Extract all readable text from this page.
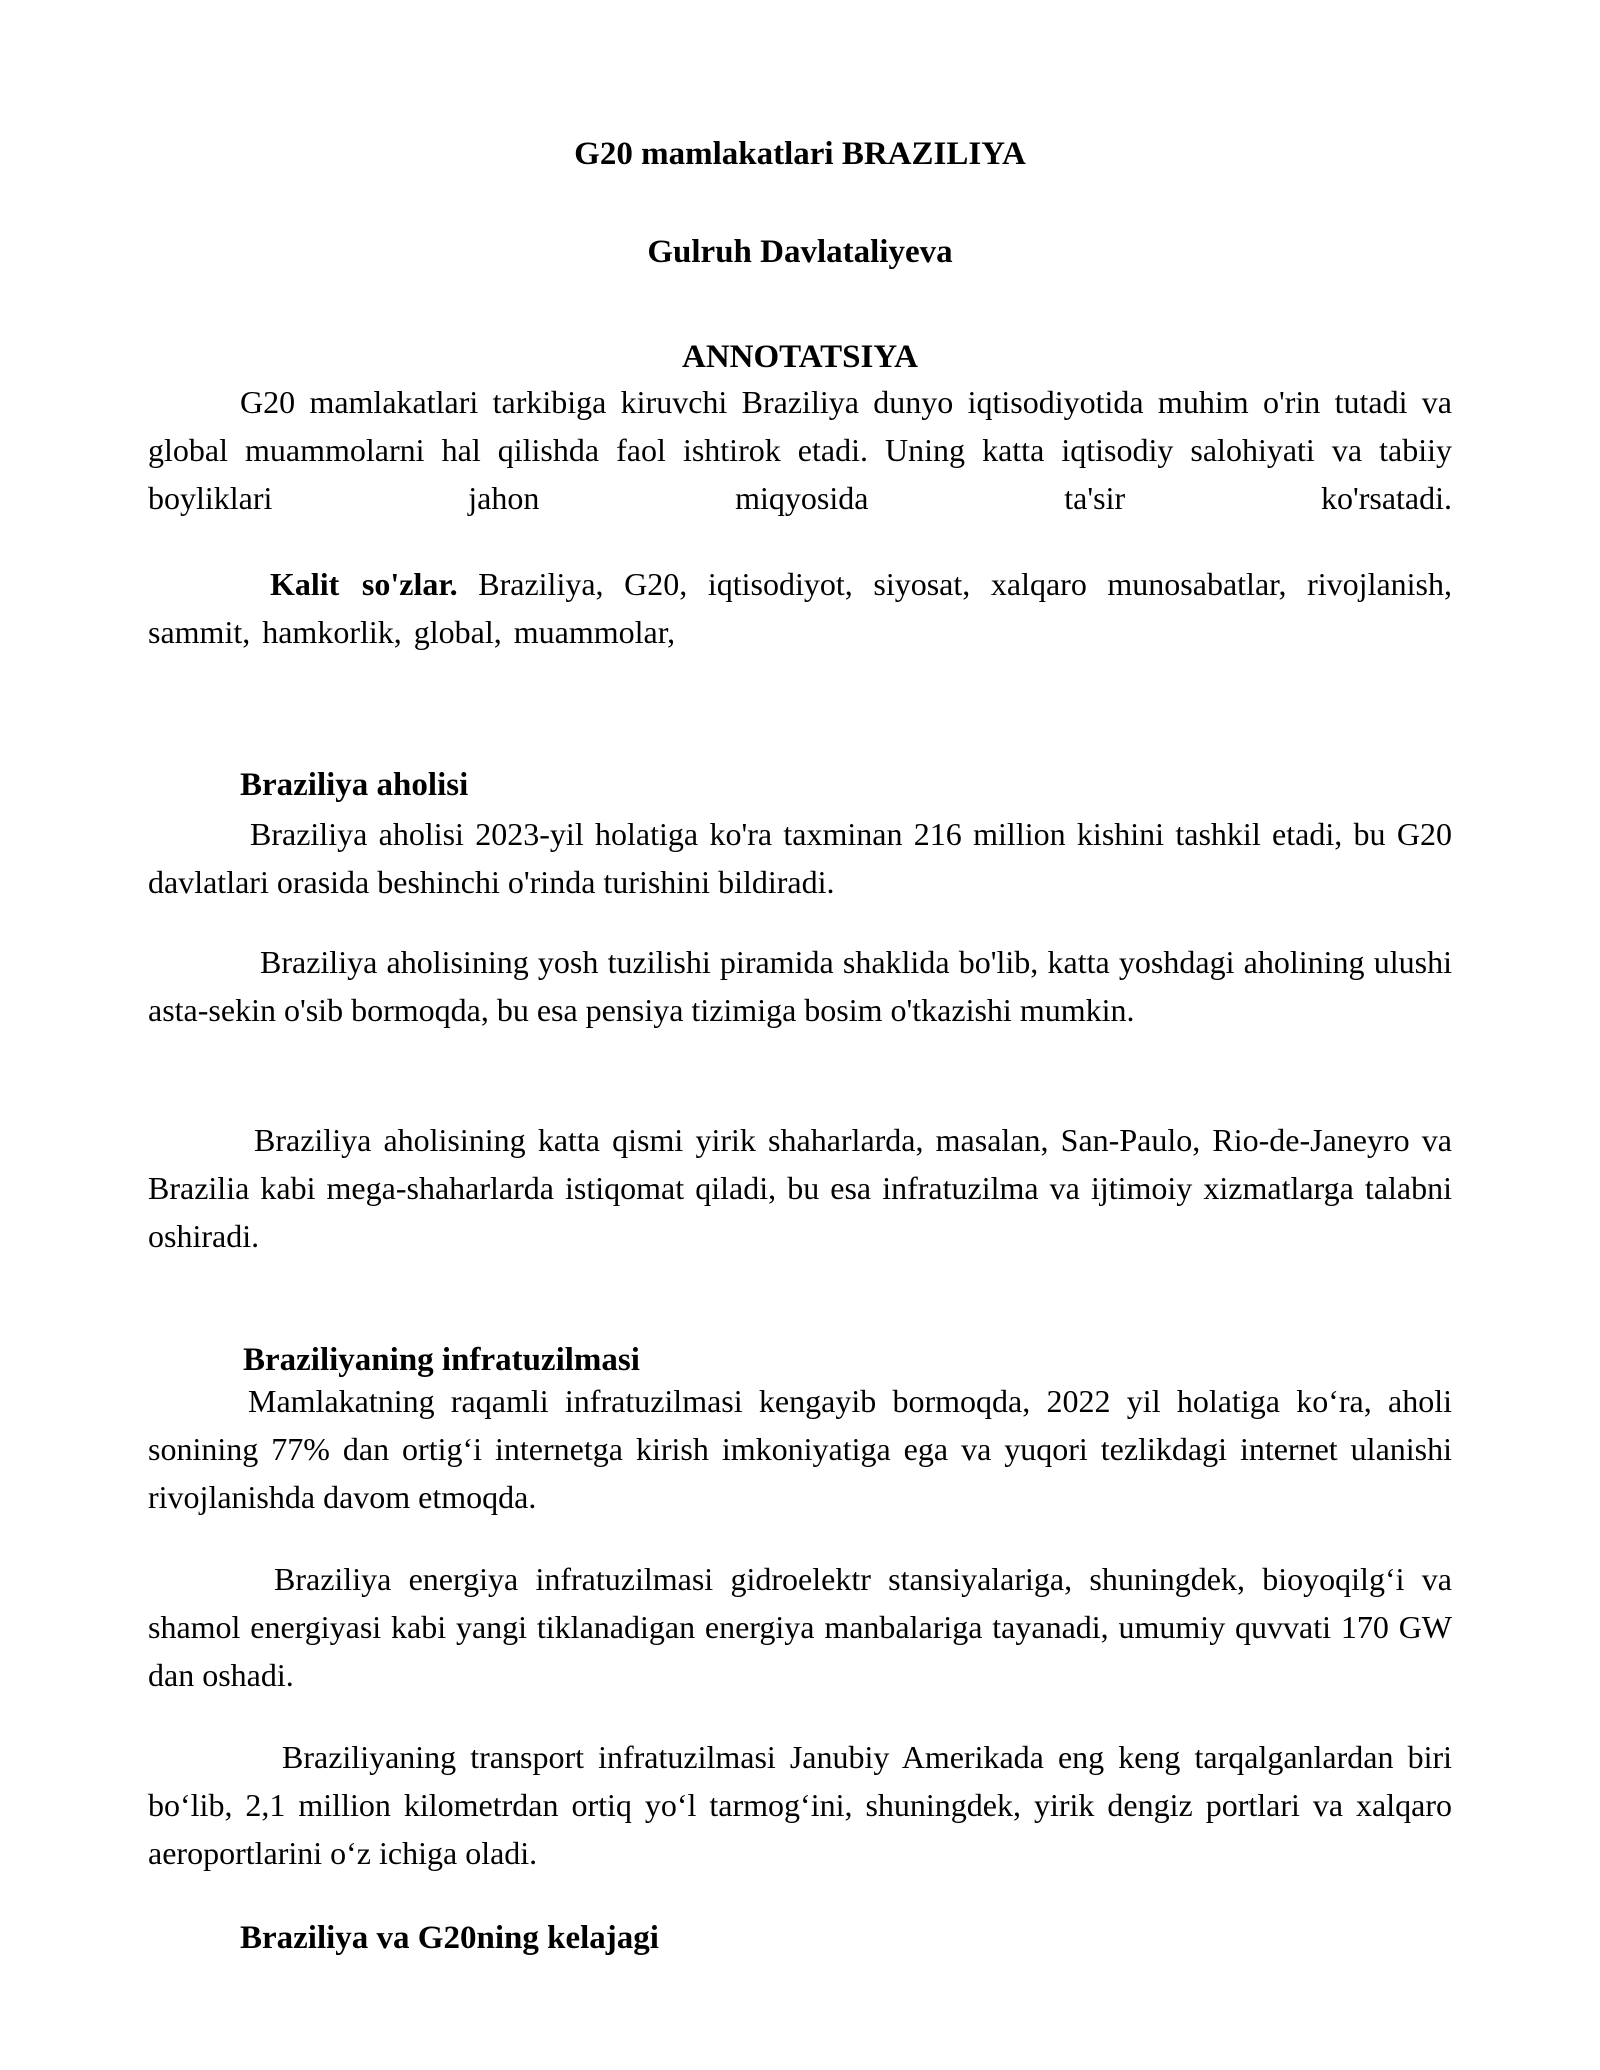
G20 mamlakatlari BRAZILIYA

Gulruh Davlataliyeva

ANNOTATSIYA

G20 mamlakatlari tarkibiga kiruvchi Braziliya dunyo iqtisodiyotida muhim o'rin tutadi va global muammolarni hal qilishda faol ishtirok etadi. Uning katta iqtisodiy salohiyati va tabiiy boyliklari jahon miqyosida ta'sir ko'rsatadi.

Kalit so'zlar. Braziliya, G20, iqtisodiyot, siyosat, xalqaro munosabatlar, rivojlanish, sammit, hamkorlik, global, muammolar,

Braziliya aholisi

Braziliya aholisi 2023-yil holatiga ko'ra taxminan 216 million kishini tashkil etadi, bu G20 davlatlari orasida beshinchi o'rinda turishini bildiradi.

Braziliya aholisining yosh tuzilishi piramida shaklida bo'lib, katta yoshdagi aholining ulushi asta-sekin o'sib bormoqda, bu esa pensiya tizimiga bosim o'tkazishi mumkin.

Braziliya aholisining katta qismi yirik shaharlarda, masalan, San-Paulo, Rio-de-Janeyro va Brazilia kabi mega-shaharlarda istiqomat qiladi, bu esa infratuzilma va ijtimoiy xizmatlarga talabni oshiradi.

Braziliyaning infratuzilmasi

Mamlakatning raqamli infratuzilmasi kengayib bormoqda, 2022 yil holatiga ko‘ra, aholi sonining 77% dan ortig‘i internetga kirish imkoniyatiga ega va yuqori tezlikdagi internet ulanishi rivojlanishda davom etmoqda.

Braziliya energiya infratuzilmasi gidroelektr stansiyalariga, shuningdek, bioyoqilg‘i va shamol energiyasi kabi yangi tiklanadigan energiya manbalariga tayanadi, umumiy quvvati 170 GW dan oshadi.

Braziliyaning transport infratuzilmasi Janubiy Amerikada eng keng tarqalganlardan biri bo‘lib, 2,1 million kilometrdan ortiq yo‘l tarmog‘ini, shuningdek, yirik dengiz portlari va xalqaro aeroportlarini o‘z ichiga oladi.

Braziliya va G20ning kelajagi
